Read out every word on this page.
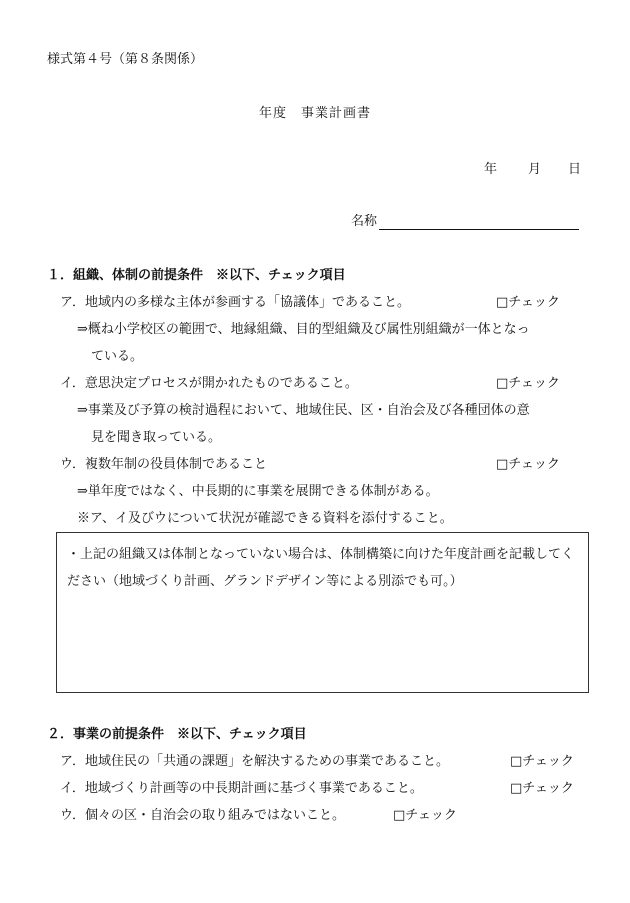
様式第４号（第８条関係）
年度　事業計画書
年 月 日
名称
１．組織、体制の前提条件　※以下、チェック項目
ア．地域内の多様な主体が参画する「協議体」であること。	□チェック
⇒概ね小学校区の範囲で、地縁組織、目的型組織及び属性別組織が一体となっ
ている。
イ．意思決定プロセスが開かれたものであること。	□チェック
⇒事業及び予算の検討過程において、地域住民、区・自治会及び各種団体の意
見を聞き取っている。
ウ．複数年制の役員体制であること	□チェック
⇒単年度ではなく、中長期的に事業を展開できる体制がある。
※ア、イ及びウについて状況が確認できる資料を添付すること。
・上記の組織又は体制となっていない場合は、体制構築に向けた年度計画を記載してください（地域づくり計画、グランドデザイン等による別添でも可。）
２．事業の前提条件　※以下、チェック項目
ア．地域住民の「共通の課題」を解決するための事業であること。	□チェック
イ．地域づくり計画等の中長期計画に基づく事業であること。	□チェック
ウ．個々の区・自治会の取り組みではないこと。	□チェック
